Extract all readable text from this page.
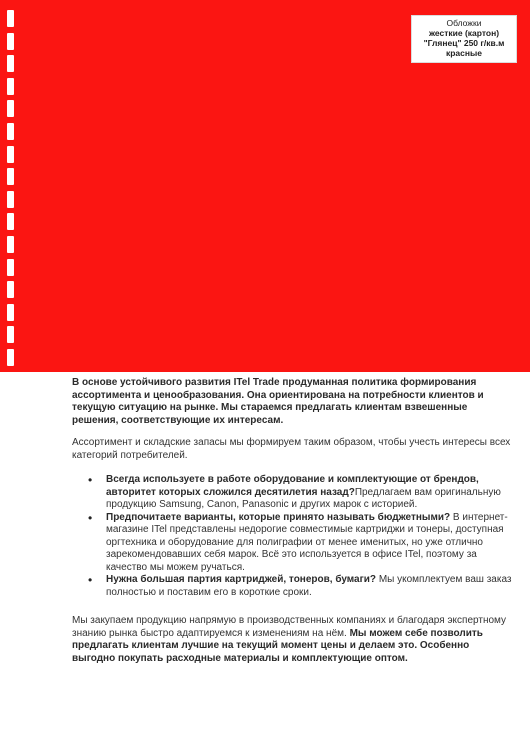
Обложки
жесткие (картон)
"Глянец" 250 г/кв.м
красные

В основе устойчивого развития ITel Trade продуманная политика формирования ассортимента и ценообразования. Она ориентирована на потребности клиентов и текущую ситуацию на рынке. Мы стараемся предлагать клиентам взвешенные решения, соответствующие их интересам.

Ассортимент и складские запасы мы формируем таким образом, чтобы учесть интересы всех категорий потребителей.

• Всегда используете в работе оборудование и комплектующие от брендов, авторитет которых сложился десятилетия назад?Предлагаем вам оригинальную продукцию Samsung, Canon, Panasonic и других марок с историей.
• Предпочитаете варианты, которые принято называть бюджетными? В интернет-магазине ITel представлены недорогие совместимые картриджи и тонеры, доступная оргтехника и оборудование для полиграфии от менее именитых, но уже отлично зарекомендовавших себя марок. Всё это используется в офисе ITel, поэтому за качество мы можем ручаться.
• Нужна большая партия картриджей, тонеров, бумаги? Мы укомплектуем ваш заказ полностью и поставим его в короткие сроки.

Мы закупаем продукцию напрямую в производственных компаниях и благодаря экспертному знанию рынка быстро адаптируемся к изменениям на нём. Мы можем себе позволить предлагать клиентам лучшие на текущий момент цены и делаем это. Особенно выгодно покупать расходные материалы и комплектующие оптом.
